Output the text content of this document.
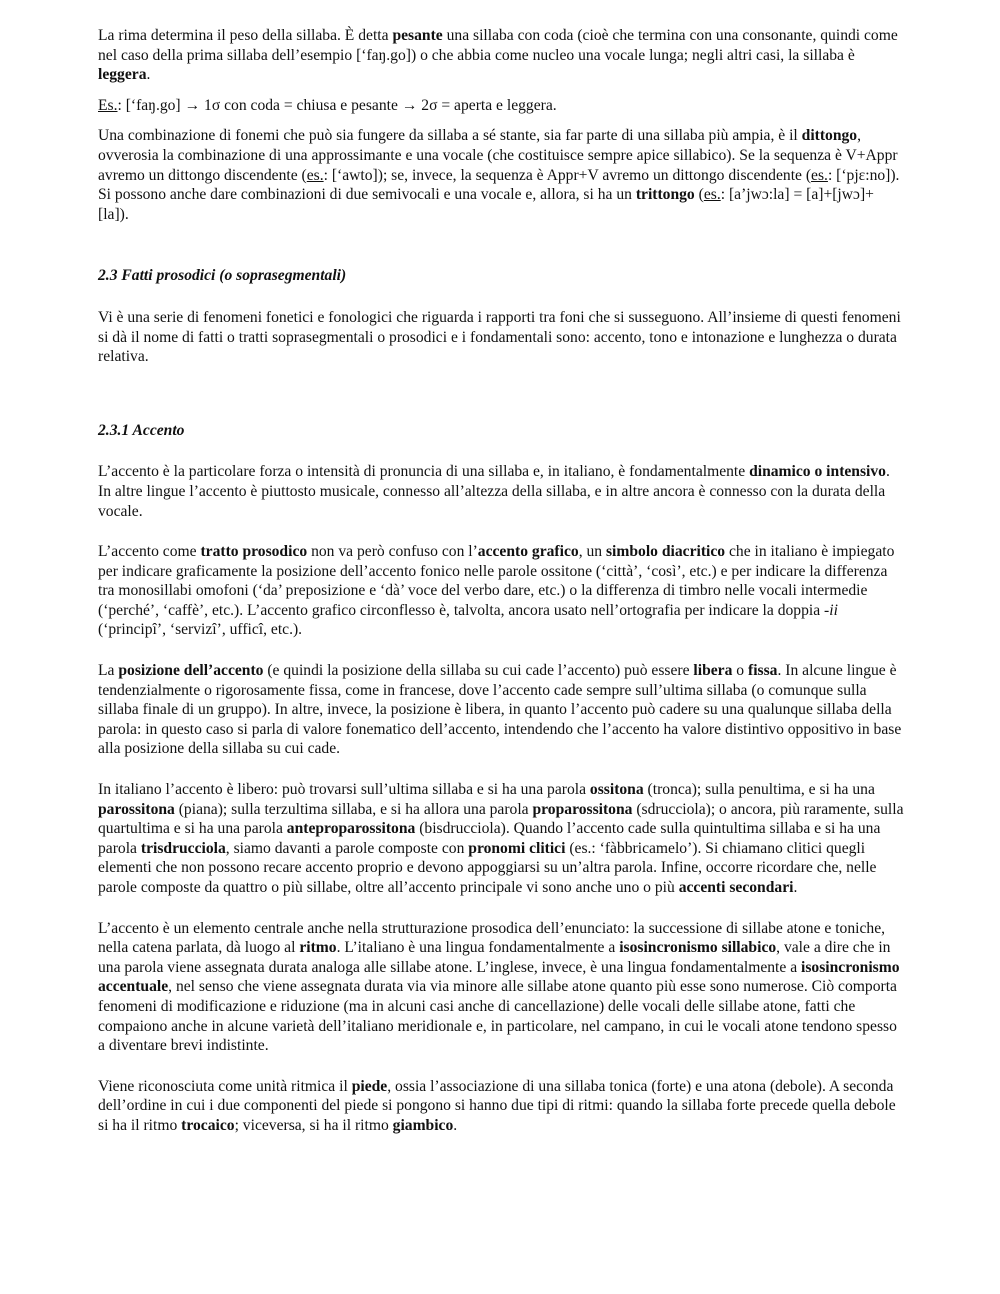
La rima determina il peso della sillaba. È detta pesante una sillaba con coda (cioè che termina con una consonante, quindi come nel caso della prima sillaba dell’esempio [‘faŋ.go]) o che abbia come nucleo una vocale lunga; negli altri casi, la sillaba è leggera.

Es.: [‘faŋ.go] → 1σ con coda = chiusa e pesante → 2σ = aperta e leggera.

Una combinazione di fonemi che può sia fungere da sillaba a sé stante, sia far parte di una sillaba più ampia, è il dittongo, ovverosia la combinazione di una approssimante e una vocale (che costituisce sempre apice sillabico). Se la sequenza è V+Appr avremo un dittongo discendente (es.: [‘awto]); se, invece, la sequenza è Appr+V avremo un dittongo discendente (es.: [‘pjɛ:no]). Si possono anche dare combinazioni di due semivocali e una vocale e, allora, si ha un trittongo (es.: [a’jwɔ:la] = [a]+[jwɔ]+[la]).

2.3 Fatti prosodici (o soprasegmentali)

Vi è una serie di fenomeni fonetici e fonologici che riguarda i rapporti tra foni che si susseguono. All’insieme di questi fenomeni si dà il nome di fatti o tratti soprasegmentali o prosodici e i fondamentali sono: accento, tono e intonazione e lunghezza o durata relativa.

2.3.1 Accento

L’accento è la particolare forza o intensità di pronuncia di una sillaba e, in italiano, è fondamentalmente dinamico o intensivo. In altre lingue l’accento è piuttosto musicale, connesso all’altezza della sillaba, e in altre ancora è connesso con la durata della vocale.

L’accento come tratto prosodico non va però confuso con l’accento grafico, un simbolo diacritico che in italiano è impiegato per indicare graficamente la posizione dell’accento fonico nelle parole ossitone (‘città’, ‘così’, etc.) e per indicare la differenza tra monosillabi omofoni (‘da’ preposizione e ‘dà’ voce del verbo dare, etc.) o la differenza di timbro nelle vocali intermedie (‘perché’, ‘caffè’, etc.). L’accento grafico circonflesso è, talvolta, ancora usato nell’ortografia per indicare la doppia -ii (‘principî’, ‘servizî’, ufficî, etc.).

La posizione dell’accento (e quindi la posizione della sillaba su cui cade l’accento) può essere libera o fissa. In alcune lingue è tendenzialmente o rigorosamente fissa, come in francese, dove l’accento cade sempre sull’ultima sillaba (o comunque sulla sillaba finale di un gruppo). In altre, invece, la posizione è libera, in quanto l’accento può cadere su una qualunque sillaba della parola: in questo caso si parla di valore fonematico dell’accento, intendendo che l’accento ha valore distintivo oppositivo in base alla posizione della sillaba su cui cade.

In italiano l’accento è libero: può trovarsi sull’ultima sillaba e si ha una parola ossitona (tronca); sulla penultima, e si ha una parossitona (piana); sulla terzultima sillaba, e si ha allora una parola proparossitona (sdrucciola); o ancora, più raramente, sulla quartultima e si ha una parola anteproparossitona (bisdrucciola). Quando l’accento cade sulla quintultima sillaba e si ha una parola trisdrucciola, siamo davanti a parole composte con pronomi clitici (es.: ‘fàbbricamelo’). Si chiamano clitici quegli elementi che non possono recare accento proprio e devono appoggiarsi su un’altra parola. Infine, occorre ricordare che, nelle parole composte da quattro o più sillabe, oltre all’accento principale vi sono anche uno o più accenti secondari.

L’accento è un elemento centrale anche nella strutturazione prosodica dell’enunciato: la successione di sillabe atone e toniche, nella catena parlata, dà luogo al ritmo. L’italiano è una lingua fondamentalmente a isosincronismo sillabico, vale a dire che in una parola viene assegnata durata analoga alle sillabe atone. L’inglese, invece, è una lingua fondamentalmente a isosincronismo accentuale, nel senso che viene assegnata durata via via minore alle sillabe atone quanto più esse sono numerose. Ciò comporta fenomeni di modificazione e riduzione (ma in alcuni casi anche di cancellazione) delle vocali delle sillabe atone, fatti che compaiono anche in alcune varietà dell’italiano meridionale e, in particolare, nel campano, in cui le vocali atone tendono spesso a diventare brevi indistinte.

Viene riconosciuta come unità ritmica il piede, ossia l’associazione di una sillaba tonica (forte) e una atona (debole). A seconda dell’ordine in cui i due componenti del piede si pongono si hanno due tipi di ritmi: quando la sillaba forte precede quella debole si ha il ritmo trocaico; viceversa, si ha il ritmo giambico.
